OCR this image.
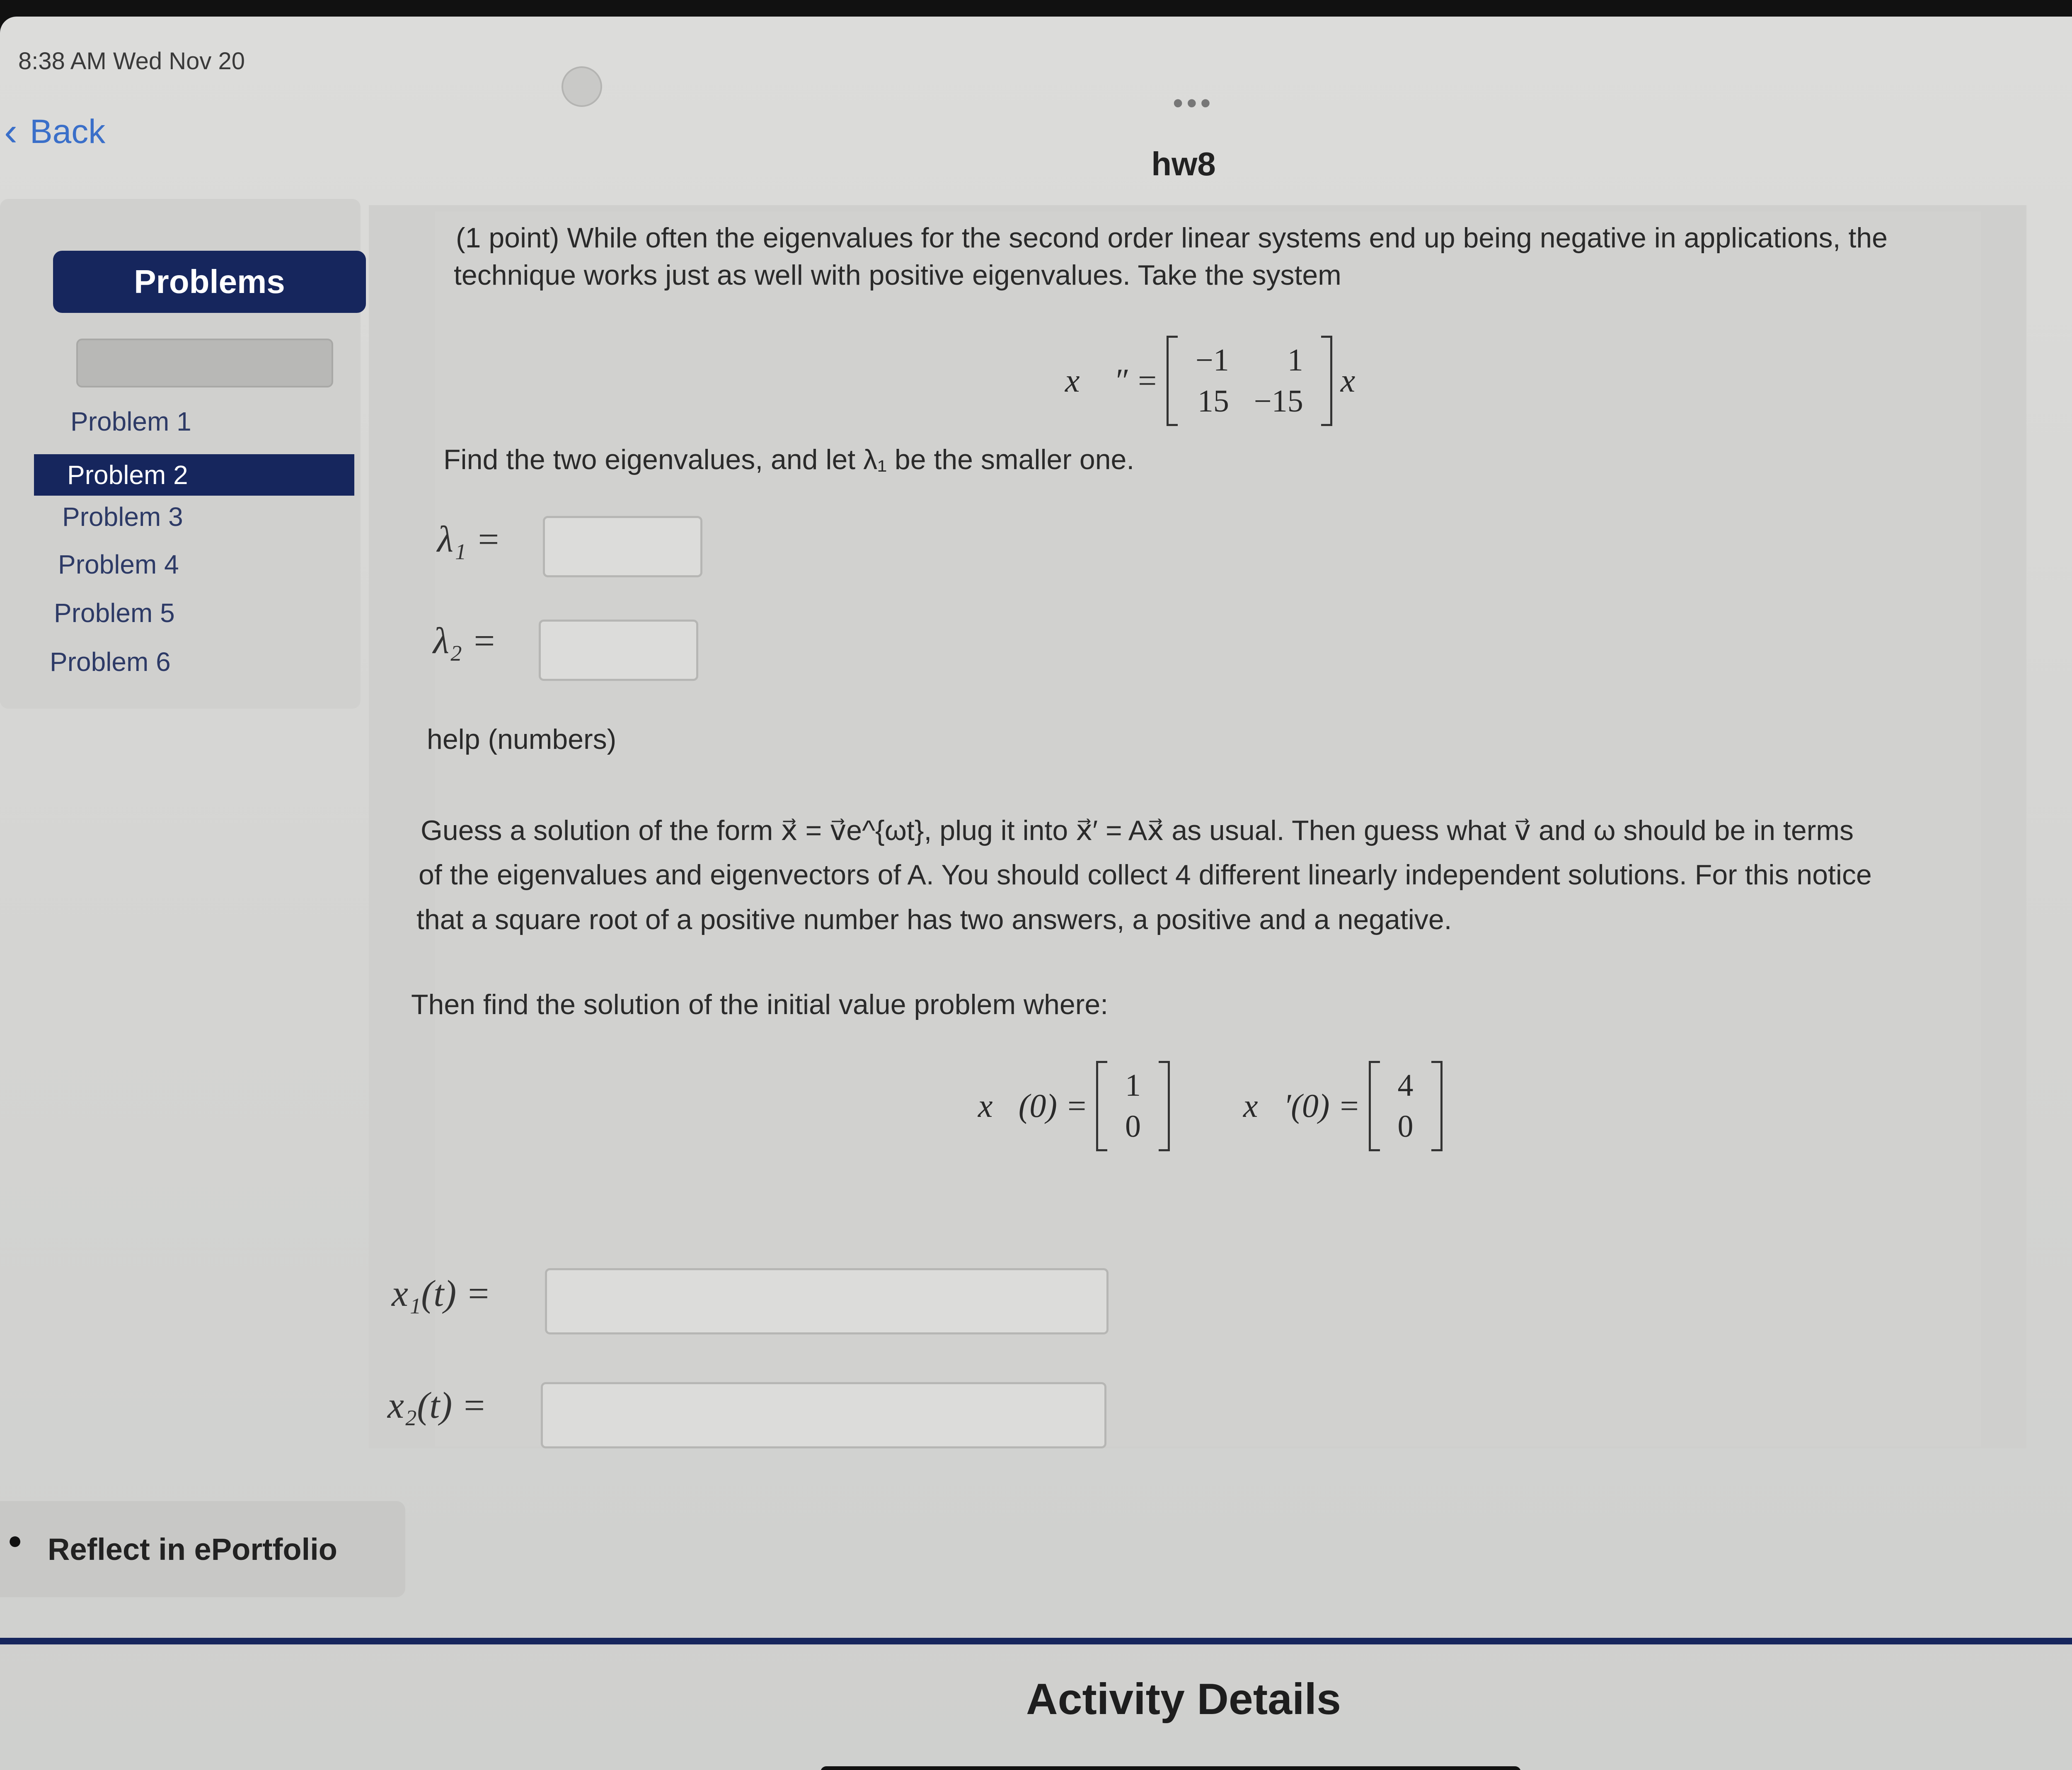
8:38 AM Wed Nov 20
•••
‹ Back
hw8
Problems
Problem 1
Problem 2
Problem 3
Problem 4
Problem 5
Problem 6
(1 point) While often the eigenvalues for the second order linear systems end up being negative in applications, the
technique works just as well with positive eigenvalues. Take the system
x⃗ ″ =
−1	1
15 −15
x⃗
Find the two eigenvalues, and let λ₁ be the smaller one.
λ₁ =
λ₂ =
help (numbers)
Guess a solution of the form x⃗ = v⃗e^{ωt}, plug it into x⃗′ = Ax⃗ as usual. Then guess what v⃗ and ω should be in terms
of the eigenvalues and eigenvectors of A. You should collect 4 different linearly independent solutions. For this notice
that a square root of a positive number has two answers, a positive and a negative.
Then find the solution of the initial value problem where:
x⃗(0) =
1
0
x⃗′(0) =
4
0
x₁(t) =
x₂(t) =
● Reflect in ePortfolio
Activity Details
